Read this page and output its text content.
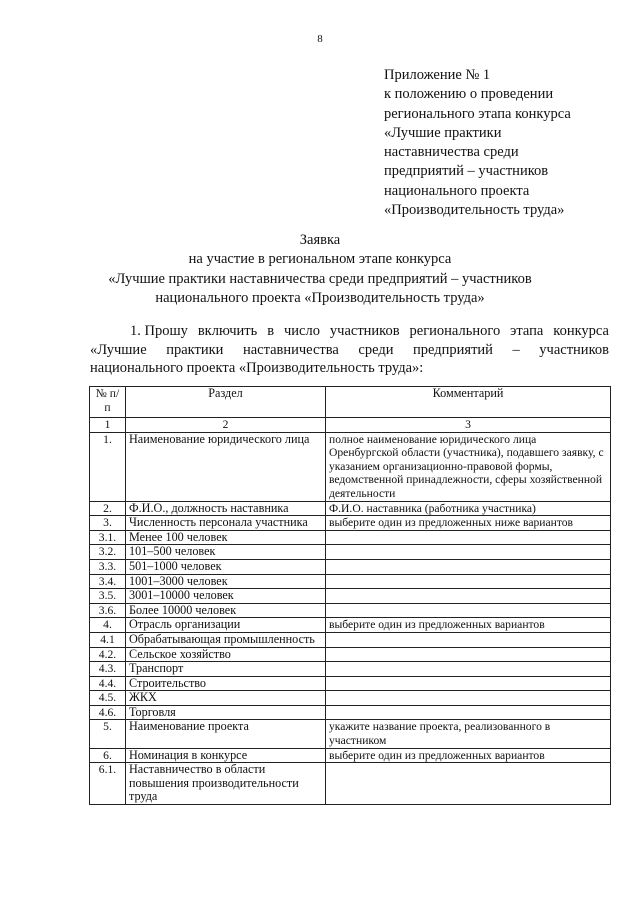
8
Приложение № 1
к положению о проведении
регионального этапа конкурса
«Лучшие практики
наставничества среди
предприятий – участников
национального проекта
«Производительность труда»
Заявка
на участие в региональном этапе конкурса
«Лучшие практики наставничества среди предприятий – участников
национального проекта «Производительность труда»
1. Прошу включить в число участников регионального этапа конкурса
«Лучшие практики наставничества среди предприятий – участников
национального проекта «Производительность труда»:
№ п/п	Раздел	Комментарий
1	2	3
1.	Наименование юридического лица	полное наименование юридического лица Оренбургской области (участника), подавшего заявку, с указанием организационно-правовой формы, ведомственной принадлежности, сферы хозяйственной деятельности
2.	Ф.И.О., должность наставника	Ф.И.О. наставника (работника участника)
3.	Численность персонала участника	выберите один из предложенных ниже вариантов
3.1.	Менее 100 человек	
3.2.	101–500 человек	
3.3.	501–1000 человек	
3.4.	1001–3000 человек	
3.5.	3001–10000 человек	
3.6.	Более 10000 человек	
4.	Отрасль организации	выберите один из предложенных вариантов
4.1	Обрабатывающая промышленность	
4.2.	Сельское хозяйство	
4.3.	Транспорт	
4.4.	Строительство	
4.5.	ЖКХ	
4.6.	Торговля	
5.	Наименование проекта	укажите название проекта, реализованного в участником
6.	Номинация в конкурсе	выберите один из предложенных вариантов
6.1.	Наставничество в области повышения производительности труда	
